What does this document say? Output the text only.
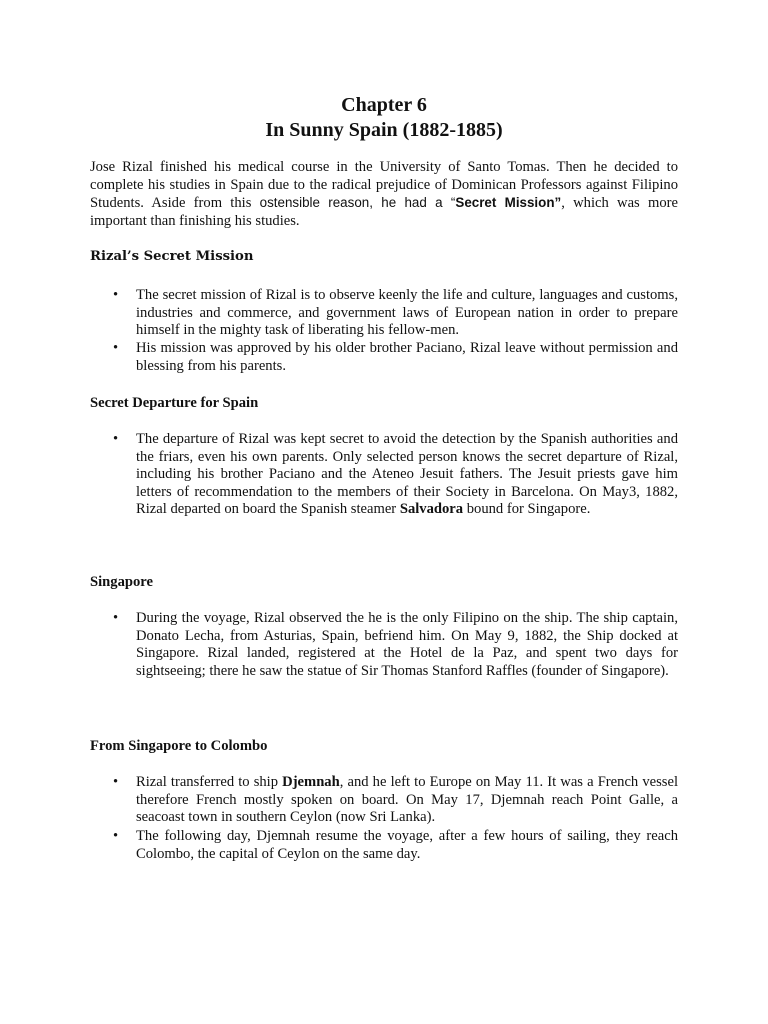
Chapter 6
In Sunny Spain (1882-1885)
Jose Rizal finished his medical course in the University of Santo Tomas. Then he decided to complete his studies in Spain due to the radical prejudice of Dominican Professors against Filipino Students. Aside from this ostensible reason, he had a “Secret Mission”, which was more important than finishing his studies.
Rizal’s Secret Mission
•	The secret mission of Rizal is to observe keenly the life and culture, languages and customs, industries and commerce, and government laws of European nation in order to prepare himself in the mighty task of liberating his fellow-men.
•	His mission was approved by his older brother Paciano, Rizal leave without permission and blessing from his parents.
Secret Departure for Spain
•	The departure of Rizal was kept secret to avoid the detection by the Spanish authorities and the friars, even his own parents. Only selected person knows the secret departure of Rizal, including his brother Paciano and the Ateneo Jesuit fathers. The Jesuit priests gave him letters of recommendation to the members of their Society in Barcelona. On May3, 1882, Rizal departed on board the Spanish steamer Salvadora bound for Singapore.
Singapore
•	During the voyage, Rizal observed the he is the only Filipino on the ship. The ship captain, Donato Lecha, from Asturias, Spain, befriend him. On May 9, 1882, the Ship docked at Singapore. Rizal landed, registered at the Hotel de la Paz, and spent two days for sightseeing; there he saw the statue of Sir Thomas Stanford Raffles (founder of Singapore).
From Singapore to Colombo
•	Rizal transferred to ship Djemnah, and he left to Europe on May 11. It was a French vessel therefore French mostly spoken on board. On May 17, Djemnah reach Point Galle, a seacoast town in southern Ceylon (now Sri Lanka).
•	The following day, Djemnah resume the voyage, after a few hours of sailing, they reach Colombo, the capital of Ceylon on the same day.
